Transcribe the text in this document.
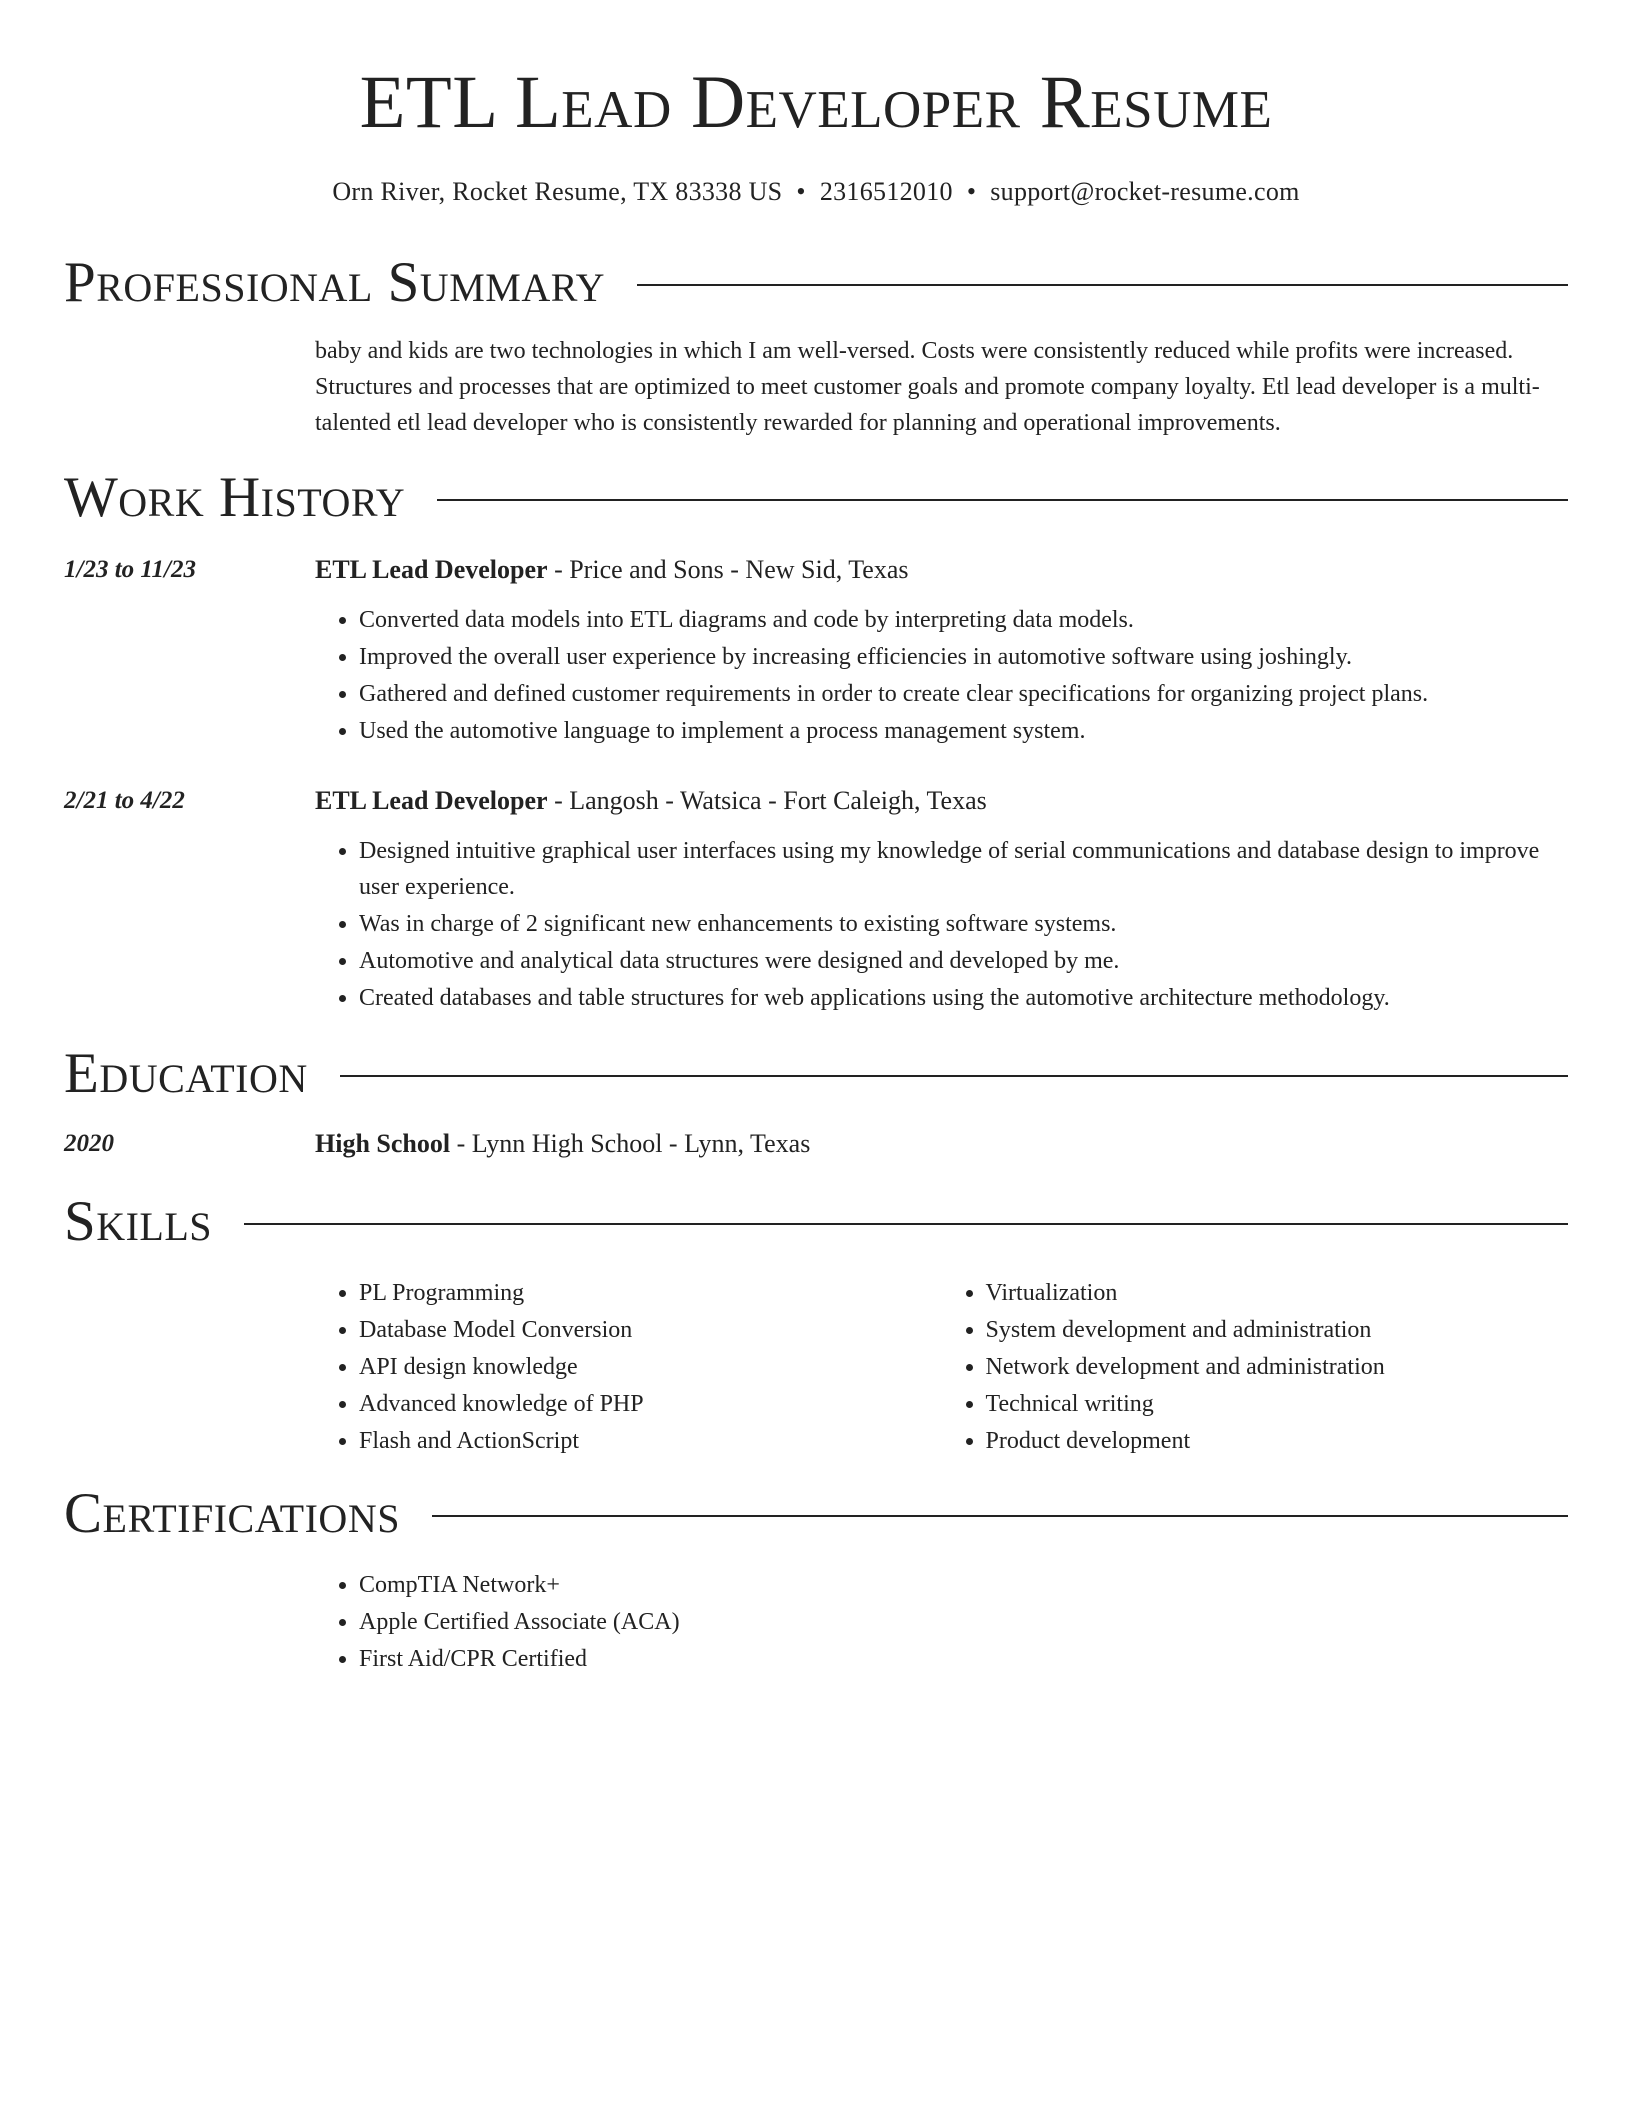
ETL Lead Developer Resume
Orn River, Rocket Resume, TX 83338 US • 2316512010 • support@rocket-resume.com
Professional Summary
baby and kids are two technologies in which I am well-versed. Costs were consistently reduced while profits were increased. Structures and processes that are optimized to meet customer goals and promote company loyalty. Etl lead developer is a multi-talented etl lead developer who is consistently rewarded for planning and operational improvements.
Work History
1/23 to 11/23	ETL Lead Developer - Price and Sons - New Sid, Texas
• Converted data models into ETL diagrams and code by interpreting data models.
• Improved the overall user experience by increasing efficiencies in automotive software using joshingly.
• Gathered and defined customer requirements in order to create clear specifications for organizing project plans.
• Used the automotive language to implement a process management system.
2/21 to 4/22	ETL Lead Developer - Langosh - Watsica - Fort Caleigh, Texas
• Designed intuitive graphical user interfaces using my knowledge of serial communications and database design to improve user experience.
• Was in charge of 2 significant new enhancements to existing software systems.
• Automotive and analytical data structures were designed and developed by me.
• Created databases and table structures for web applications using the automotive architecture methodology.
Education
2020	High School - Lynn High School - Lynn, Texas
Skills
• PL Programming
• Database Model Conversion
• API design knowledge
• Advanced knowledge of PHP
• Flash and ActionScript
• Virtualization
• System development and administration
• Network development and administration
• Technical writing
• Product development
Certifications
• CompTIA Network+
• Apple Certified Associate (ACA)
• First Aid/CPR Certified
